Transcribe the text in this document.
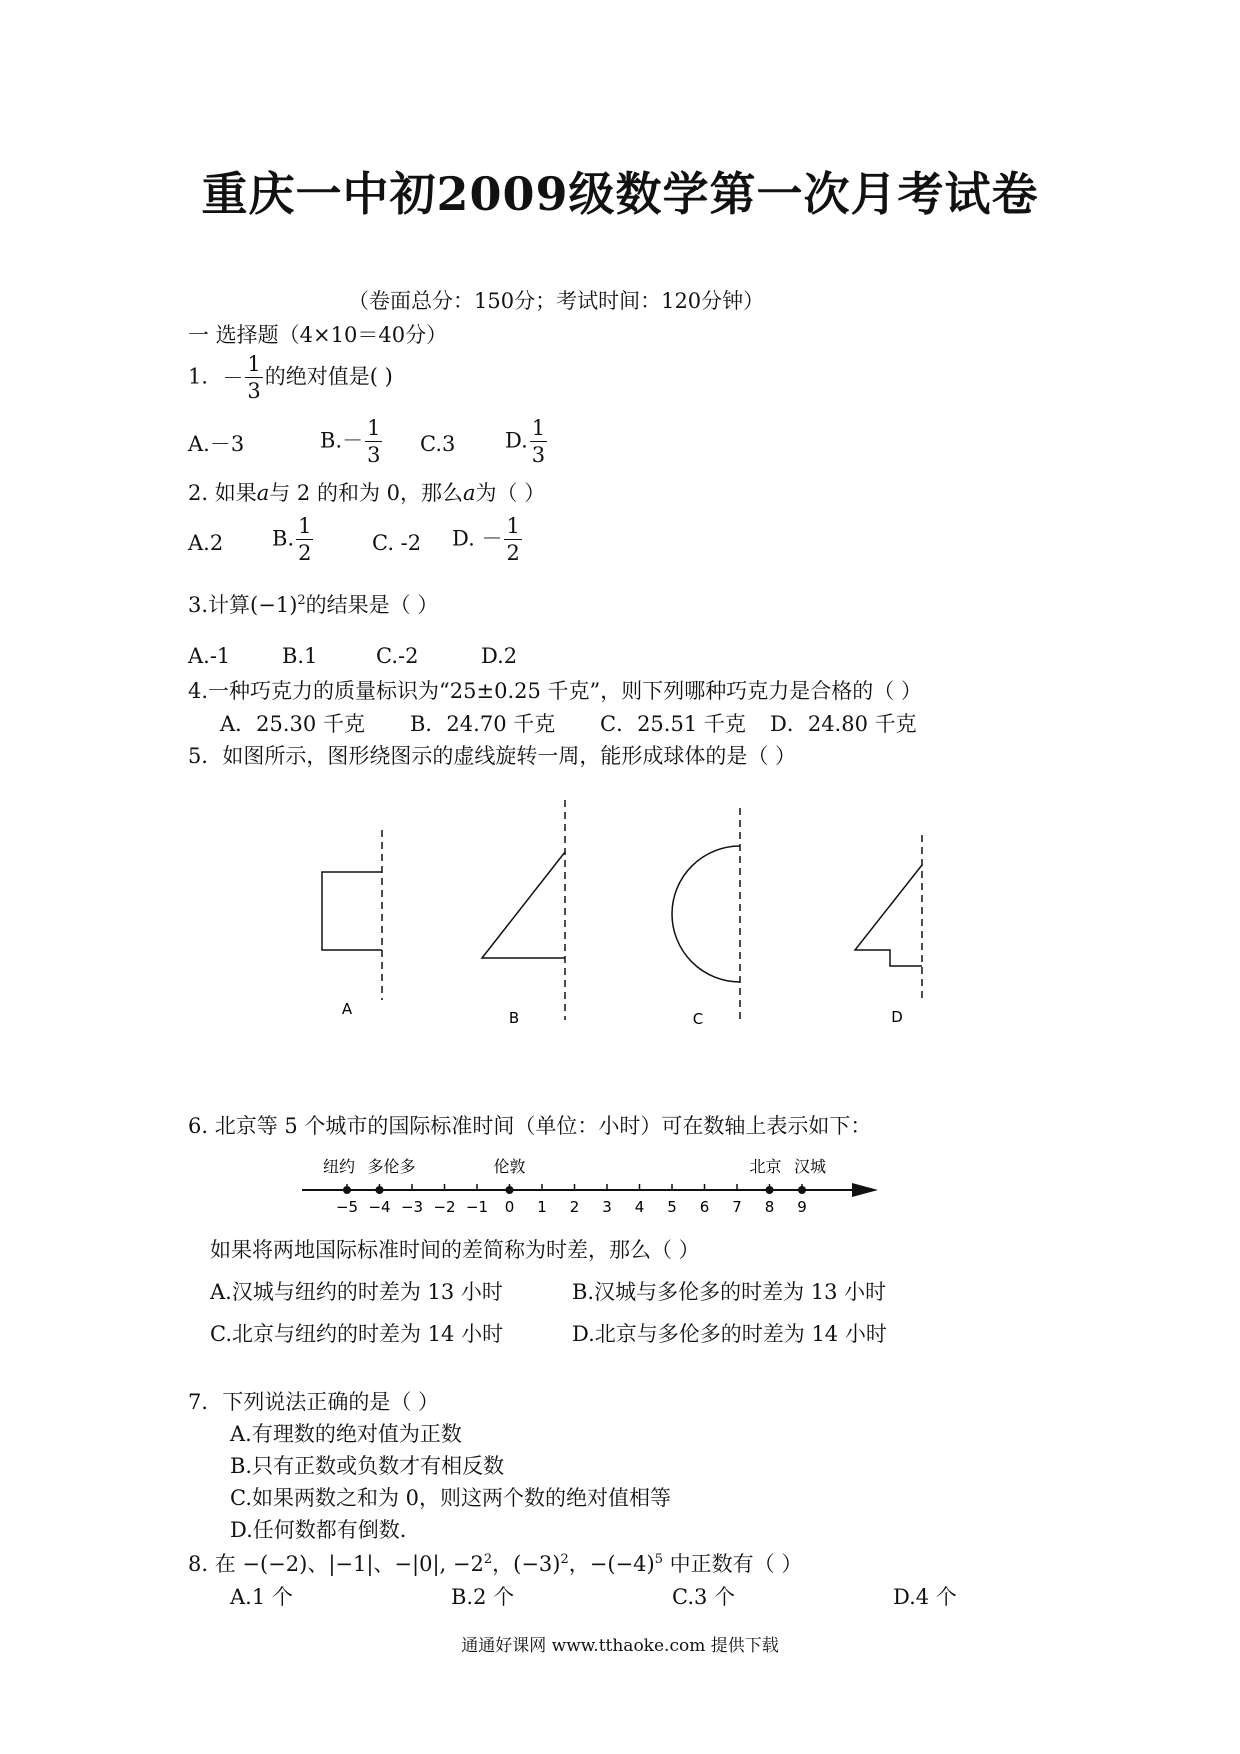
重庆一中初2009级数学第一次月考试卷
（卷面总分：150分；考试时间：120分钟）
一 选择题（4×10＝40分）
1．－ $\frac{1}{3}$ 的绝对值是( )
A.－3	$B.- \frac{1}{3} C.3$ D. $\frac{1}{3}$
2. 如果a与 2 的和为 0，那么a为（ ）
A.2 B. $\frac{1}{2}$	C. -2 D. － $\frac{1}{2}$
3.计算$(-1)^2$的结果是（ ）
A.-1 B.1	C.-2	D.2
4.一种巧克力的质量标识为“25±0.25 千克”，则下列哪种巧克力是合格的（ ）
A．25.30 千克 B．24.70 千克 C．25.51 千克 D．24.80 千克
5．如图所示，图形绕图示的虚线旋转一周，能形成球体的是（ ）
A	B	C	D
6. 北京等 5 个城市的国际标准时间（单位：小时）可在数轴上表示如下：
−5 −4 −3 −2 −1 0 1 2 3 4 5 6 7 8 9
纽约 多伦多	伦敦	北京 汉城
如果将两地国际标准时间的差简称为时差，那么（ ）
A.汉城与纽约的时差为 13 小时	B.汉城与多伦多的时差为 13 小时
C.北京与纽约的时差为 14 小时	D.北京与多伦多的时差为 14 小时
7．下列说法正确的是（ ）
A.有理数的绝对值为正数
B.只有正数或负数才有相反数
C.如果两数之和为 0，则这两个数的绝对值相等
D.任何数都有倒数.
8. 在 −(−2)、|−1|、−|0|, $-2^2$，$(-3)^2$，$-(-4)^5$ 中正数有（ ）
A.1 个	B.2 个	C.3 个	D.4 个
通通好课网 www.tthaoke.com 提供下载
